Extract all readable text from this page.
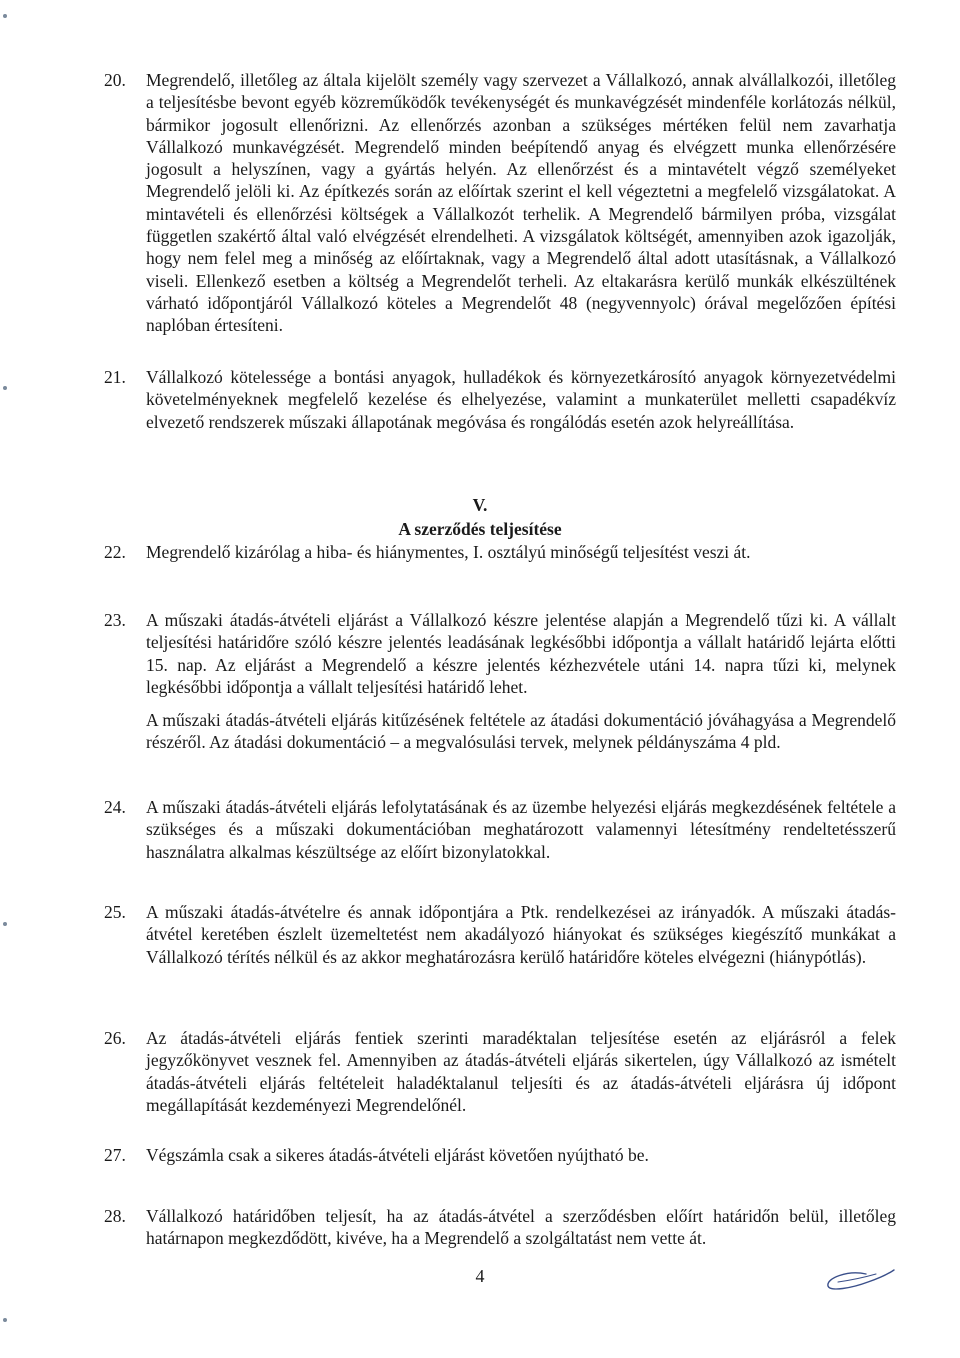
20.	Megrendelő, illetőleg az általa kijelölt személy vagy szervezet a Vállalkozó, annak alvállalkozói, illetőleg a teljesítésbe bevont egyéb közreműködők tevékenységét és munkavégzését mindenféle korlátozás nélkül, bármikor jogosult ellenőrizni. Az ellenőrzés azonban a szükséges mértéken felül nem zavarhatja Vállalkozó munkavégzését. Megrendelő minden beépítendő anyag és elvégzett munka ellenőrzésére jogosult a helyszínen, vagy a gyártás helyén. Az ellenőrzést és a mintavételt végző személyeket Megrendelő jelöli ki. Az építkezés során az előírtak szerint el kell végeztetni a megfelelő vizsgálatokat. A mintavételi és ellenőrzési költségek a Vállalkozót terhelik. A Megrendelő bármilyen próba, vizsgálat független szakértő által való elvégzését elrendelheti. A vizsgálatok költségét, amennyiben azok igazolják, hogy nem felel meg a minőség az előírtaknak, vagy a Megrendelő által adott utasításnak, a Vállalkozó viseli. Ellenkező esetben a költség a Megrendelőt terheli. Az eltakarásra kerülő munkák elkészültének várható időpontjáról Vállalkozó köteles a Megrendelőt 48 (negyvennyolc) órával megelőzően építési naplóban értesíteni.

21.	Vállalkozó kötelessége a bontási anyagok, hulladékok és környezetkárosító anyagok környezetvédelmi követelményeknek megfelelő kezelése és elhelyezése, valamint a munkaterület melletti csapadékvíz elvezető rendszerek műszaki állapotának megóvása és rongálódás esetén azok helyreállítása.

V.
A szerződés teljesítése
22.	Megrendelő kizárólag a hiba- és hiánymentes, I. osztályú minőségű teljesítést veszi át.

23.	A műszaki átadás-átvételi eljárást a Vállalkozó készre jelentése alapján a Megrendelő tűzi ki. A vállalt teljesítési határidőre szóló készre jelentés leadásának legkésőbbi időpontja a vállalt határidő lejárta előtti 15. nap. Az eljárást a Megrendelő a készre jelentés kézhezvétele utáni 14. napra tűzi ki, melynek legkésőbbi időpontja a vállalt teljesítési határidő lehet.

A műszaki átadás-átvételi eljárás kitűzésének feltétele az átadási dokumentáció jóváhagyása a Megrendelő részéről. Az átadási dokumentáció – a megvalósulási tervek, melynek példányszáma 4 pld.

24.	A műszaki átadás-átvételi eljárás lefolytatásának és az üzembe helyezési eljárás megkezdésének feltétele a szükséges és a műszaki dokumentációban meghatározott valamennyi létesítmény rendeltetésszerű használatra alkalmas készültsége az előírt bizonylatokkal.

25.	A műszaki átadás-átvételre és annak időpontjára a Ptk. rendelkezései az irányadók. A műszaki átadás-átvétel keretében észlelt üzemeltetést nem akadályozó hiányokat és szükséges kiegészítő munkákat a Vállalkozó térítés nélkül és az akkor meghatározásra kerülő határidőre köteles elvégezni (hiánypótlás).

26.	Az átadás-átvételi eljárás fentiek szerinti maradéktalan teljesítése esetén az eljárásról a felek jegyzőkönyvet vesznek fel. Amennyiben az átadás-átvételi eljárás sikertelen, úgy Vállalkozó az ismételt átadás-átvételi eljárás feltételeit haladéktalanul teljesíti és az átadás-átvételi eljárásra új időpont megállapítását kezdeményezi Megrendelőnél.

27.	Végszámla csak a sikeres átadás-átvételi eljárást követően nyújtható be.

28.	Vállalkozó határidőben teljesít, ha az átadás-átvétel a szerződésben előírt határidőn belül, illetőleg határnapon megkezdődött, kivéve, ha a Megrendelő a szolgáltatást nem vette át.

4
